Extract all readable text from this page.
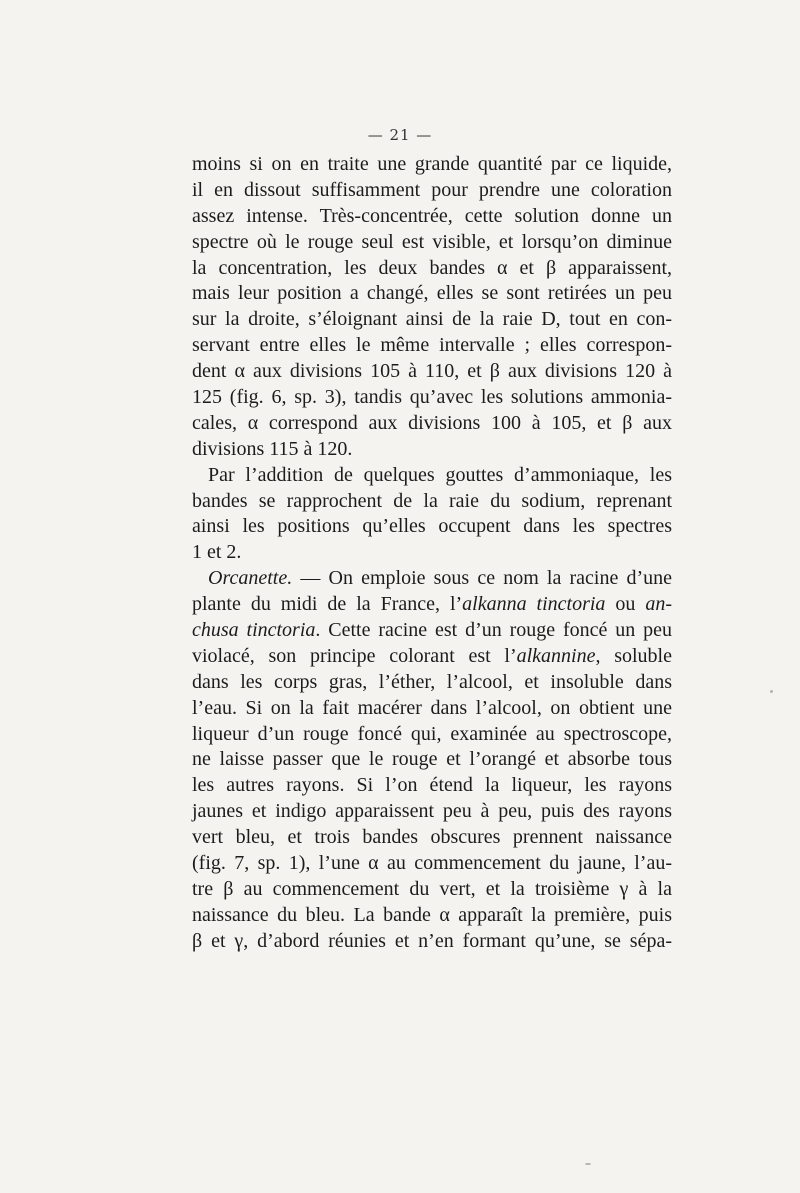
— 21 —
moins si on en traite une grande quantité par ce liquide,
il en dissout suffisamment pour prendre une coloration
assez intense. Très-concentrée, cette solution donne un
spectre où le rouge seul est visible, et lorsqu’on diminue
la concentration, les deux bandes α et β apparaissent,
mais leur position a changé, elles se sont retirées un peu
sur la droite, s’éloignant ainsi de la raie D, tout en con-
servant entre elles le même intervalle ; elles correspon-
dent α aux divisions 105 à 110, et β aux divisions 120 à
125 (fig. 6, sp. 3), tandis qu’avec les solutions ammonia-
cales, α correspond aux divisions 100 à 105, et β aux
divisions 115 à 120.
Par l’addition de quelques gouttes d’ammoniaque, les
bandes se rapprochent de la raie du sodium, reprenant
ainsi les positions qu’elles occupent dans les spectres
1 et 2.
Orcanette. — On emploie sous ce nom la racine d’une
plante du midi de la France, l’alkanna tinctoria ou an-
chusa tinctoria. Cette racine est d’un rouge foncé un peu
violacé, son principe colorant est l’alkannine, soluble
dans les corps gras, l’éther, l’alcool, et insoluble dans
l’eau. Si on la fait macérer dans l’alcool, on obtient une
liqueur d’un rouge foncé qui, examinée au spectroscope,
ne laisse passer que le rouge et l’orangé et absorbe tous
les autres rayons. Si l’on étend la liqueur, les rayons
jaunes et indigo apparaissent peu à peu, puis des rayons
vert bleu, et trois bandes obscures prennent naissance
(fig. 7, sp. 1), l’une α au commencement du jaune, l’au-
tre β au commencement du vert, et la troisième γ à la
naissance du bleu. La bande α apparaît la première, puis
β et γ, d’abord réunies et n’en formant qu’une, se sépa-
